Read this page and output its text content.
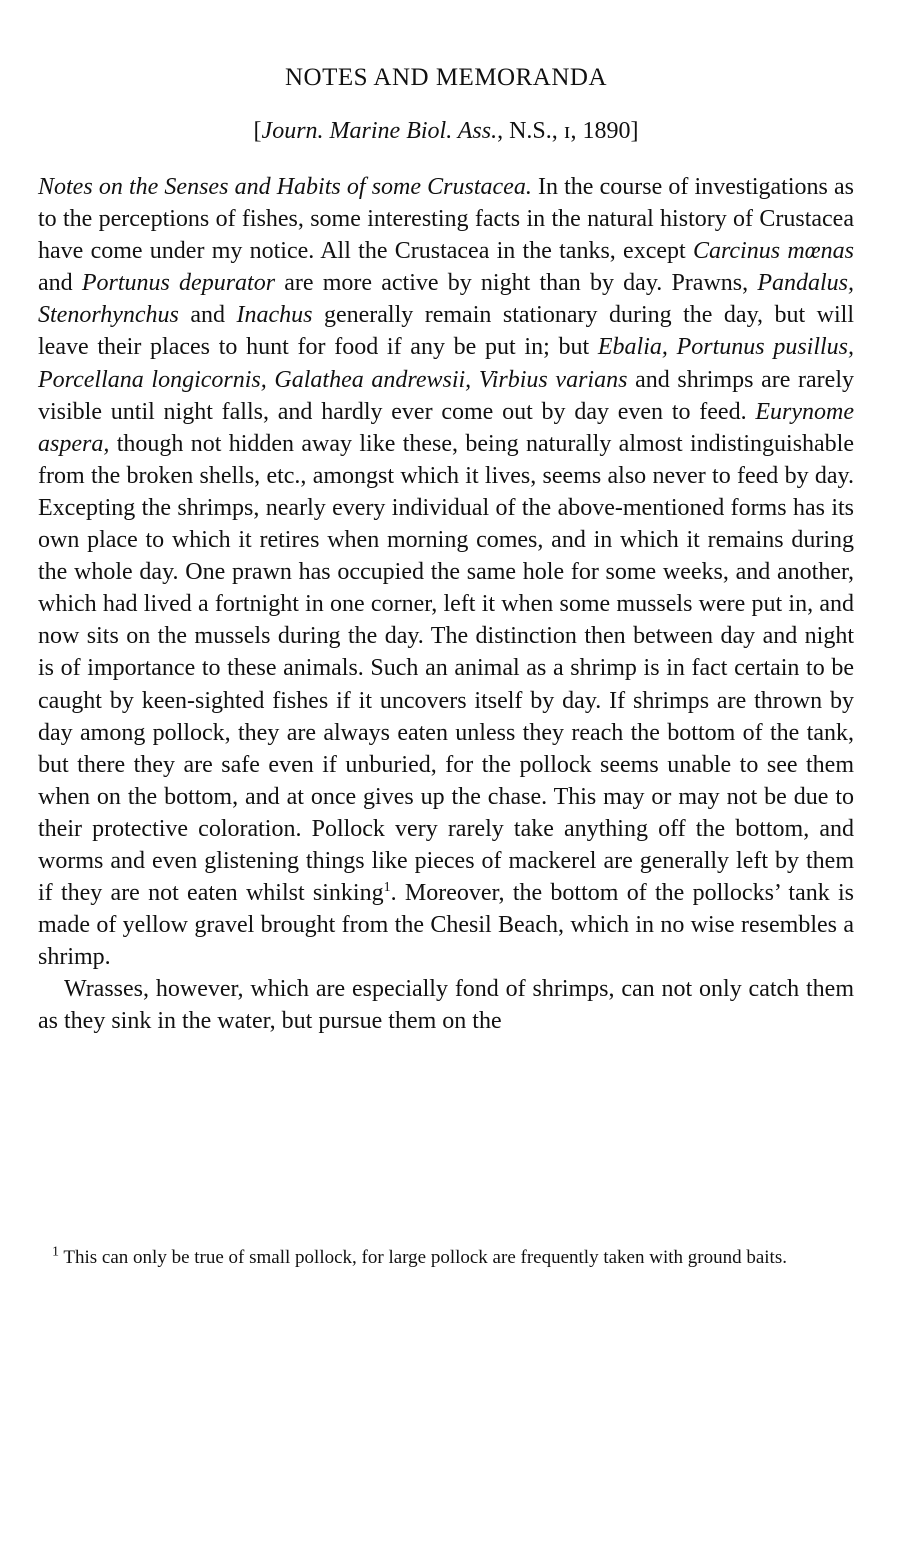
NOTES AND MEMORANDA

[Journ. Marine Biol. Ass., N.S., ɪ, 1890]

Notes on the Senses and Habits of some Crustacea. In the course of investigations as to the perceptions of fishes, some interesting facts in the natural history of Crustacea have come under my notice. All the Crustacea in the tanks, except Carcinus mœnas and Portunus depurator are more active by night than by day. Prawns, Pandalus, Stenorhynchus and Inachus generally remain stationary during the day, but will leave their places to hunt for food if any be put in; but Ebalia, Portunus pusillus, Porcellana longicornis, Galathea andrewsii, Virbius varians and shrimps are rarely visible until night falls, and hardly ever come out by day even to feed. Eurynome aspera, though not hidden away like these, being naturally almost indistinguishable from the broken shells, etc., amongst which it lives, seems also never to feed by day. Excepting the shrimps, nearly every individual of the above-mentioned forms has its own place to which it retires when morning comes, and in which it remains during the whole day. One prawn has occupied the same hole for some weeks, and another, which had lived a fortnight in one corner, left it when some mussels were put in, and now sits on the mussels during the day. The distinction then between day and night is of importance to these animals. Such an animal as a shrimp is in fact certain to be caught by keen-sighted fishes if it uncovers itself by day. If shrimps are thrown by day among pollock, they are always eaten unless they reach the bottom of the tank, but there they are safe even if unburied, for the pollock seems unable to see them when on the bottom, and at once gives up the chase. This may or may not be due to their protective coloration. Pollock very rarely take anything off the bottom, and worms and even glistening things like pieces of mackerel are generally left by them if they are not eaten whilst sinking$^1$. Moreover, the bottom of the pollocks’ tank is made of yellow gravel brought from the Chesil Beach, which in no wise resembles a shrimp.

Wrasses, however, which are especially fond of shrimps, can not only catch them as they sink in the water, but pursue them on the

$^1$ This can only be true of small pollock, for large pollock are frequently taken with ground baits.
